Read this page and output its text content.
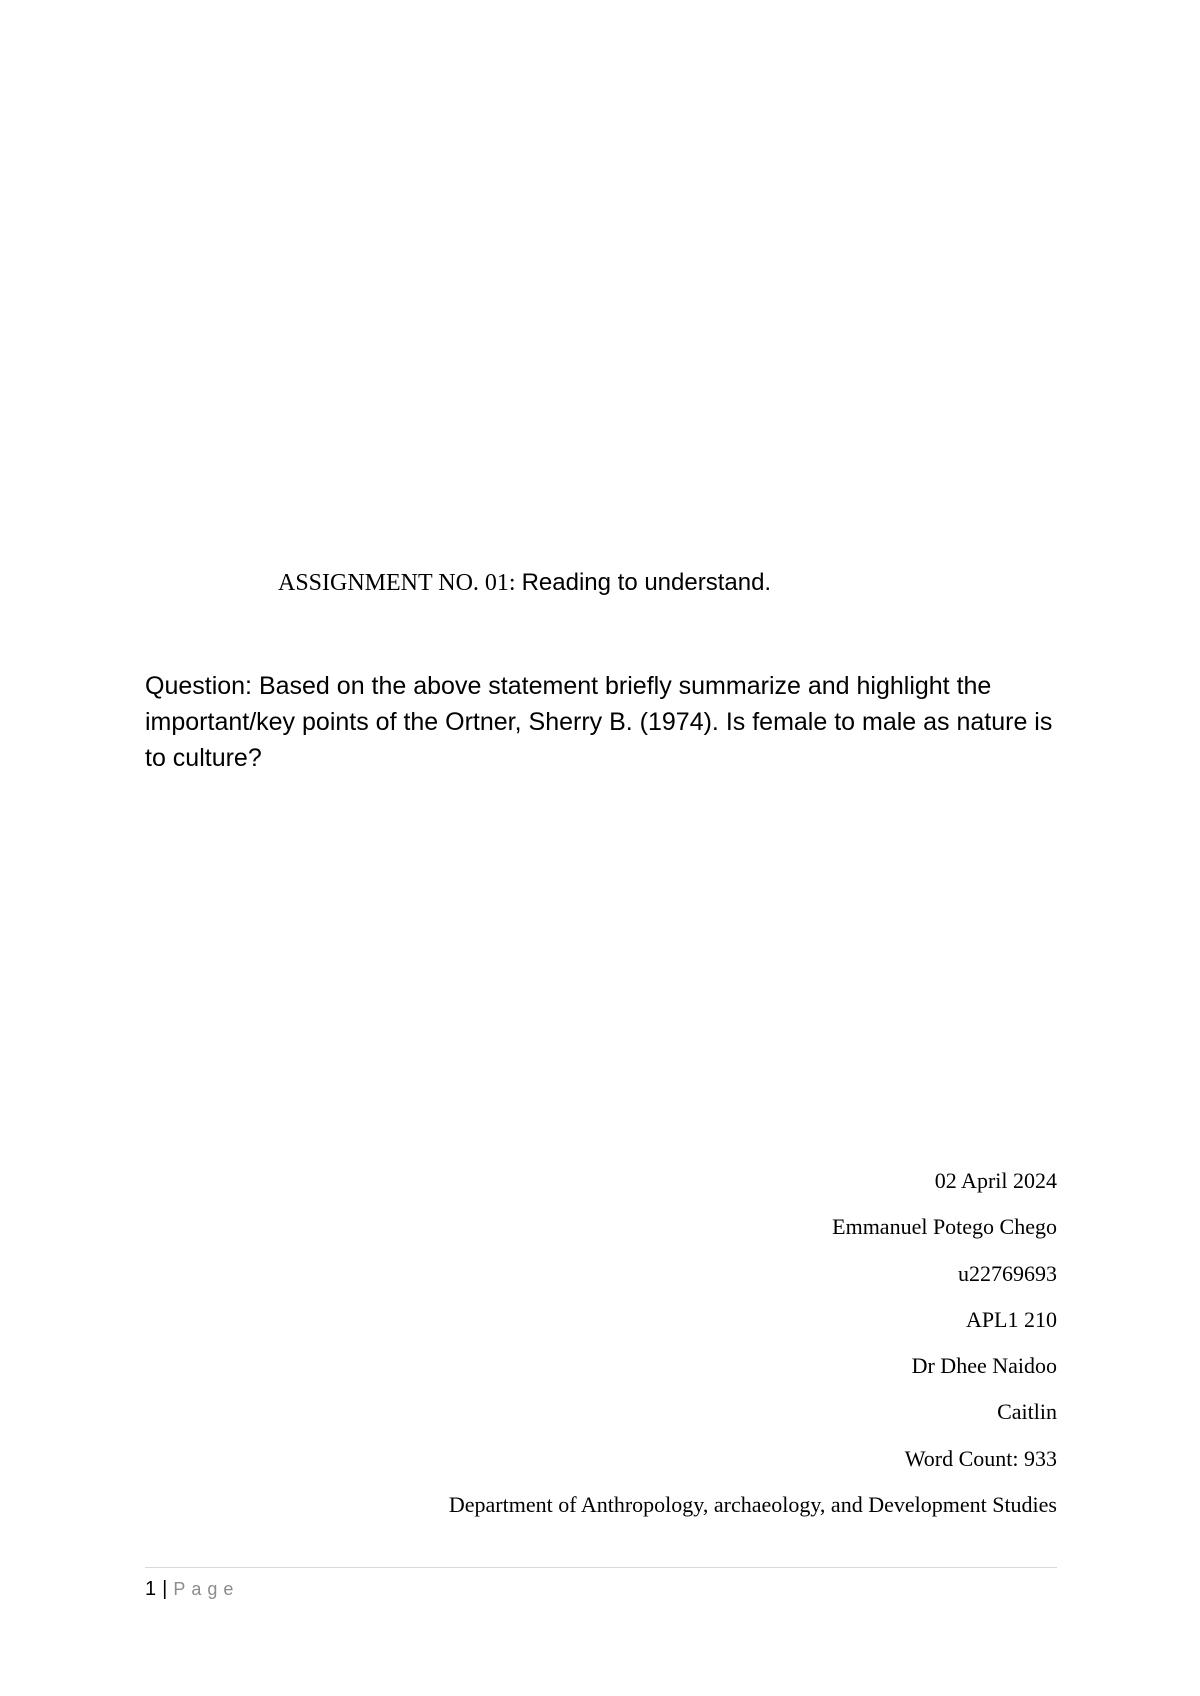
ASSIGNMENT NO. 01: Reading to understand.

Question: Based on the above statement briefly summarize and highlight the important/key points of the Ortner, Sherry B. (1974). Is female to male as nature is to culture?

02 April 2024
Emmanuel Potego Chego
u22769693
APL1 210
Dr Dhee Naidoo
Caitlin
Word Count: 933
Department of Anthropology, archaeology, and Development Studies
1 | Page
